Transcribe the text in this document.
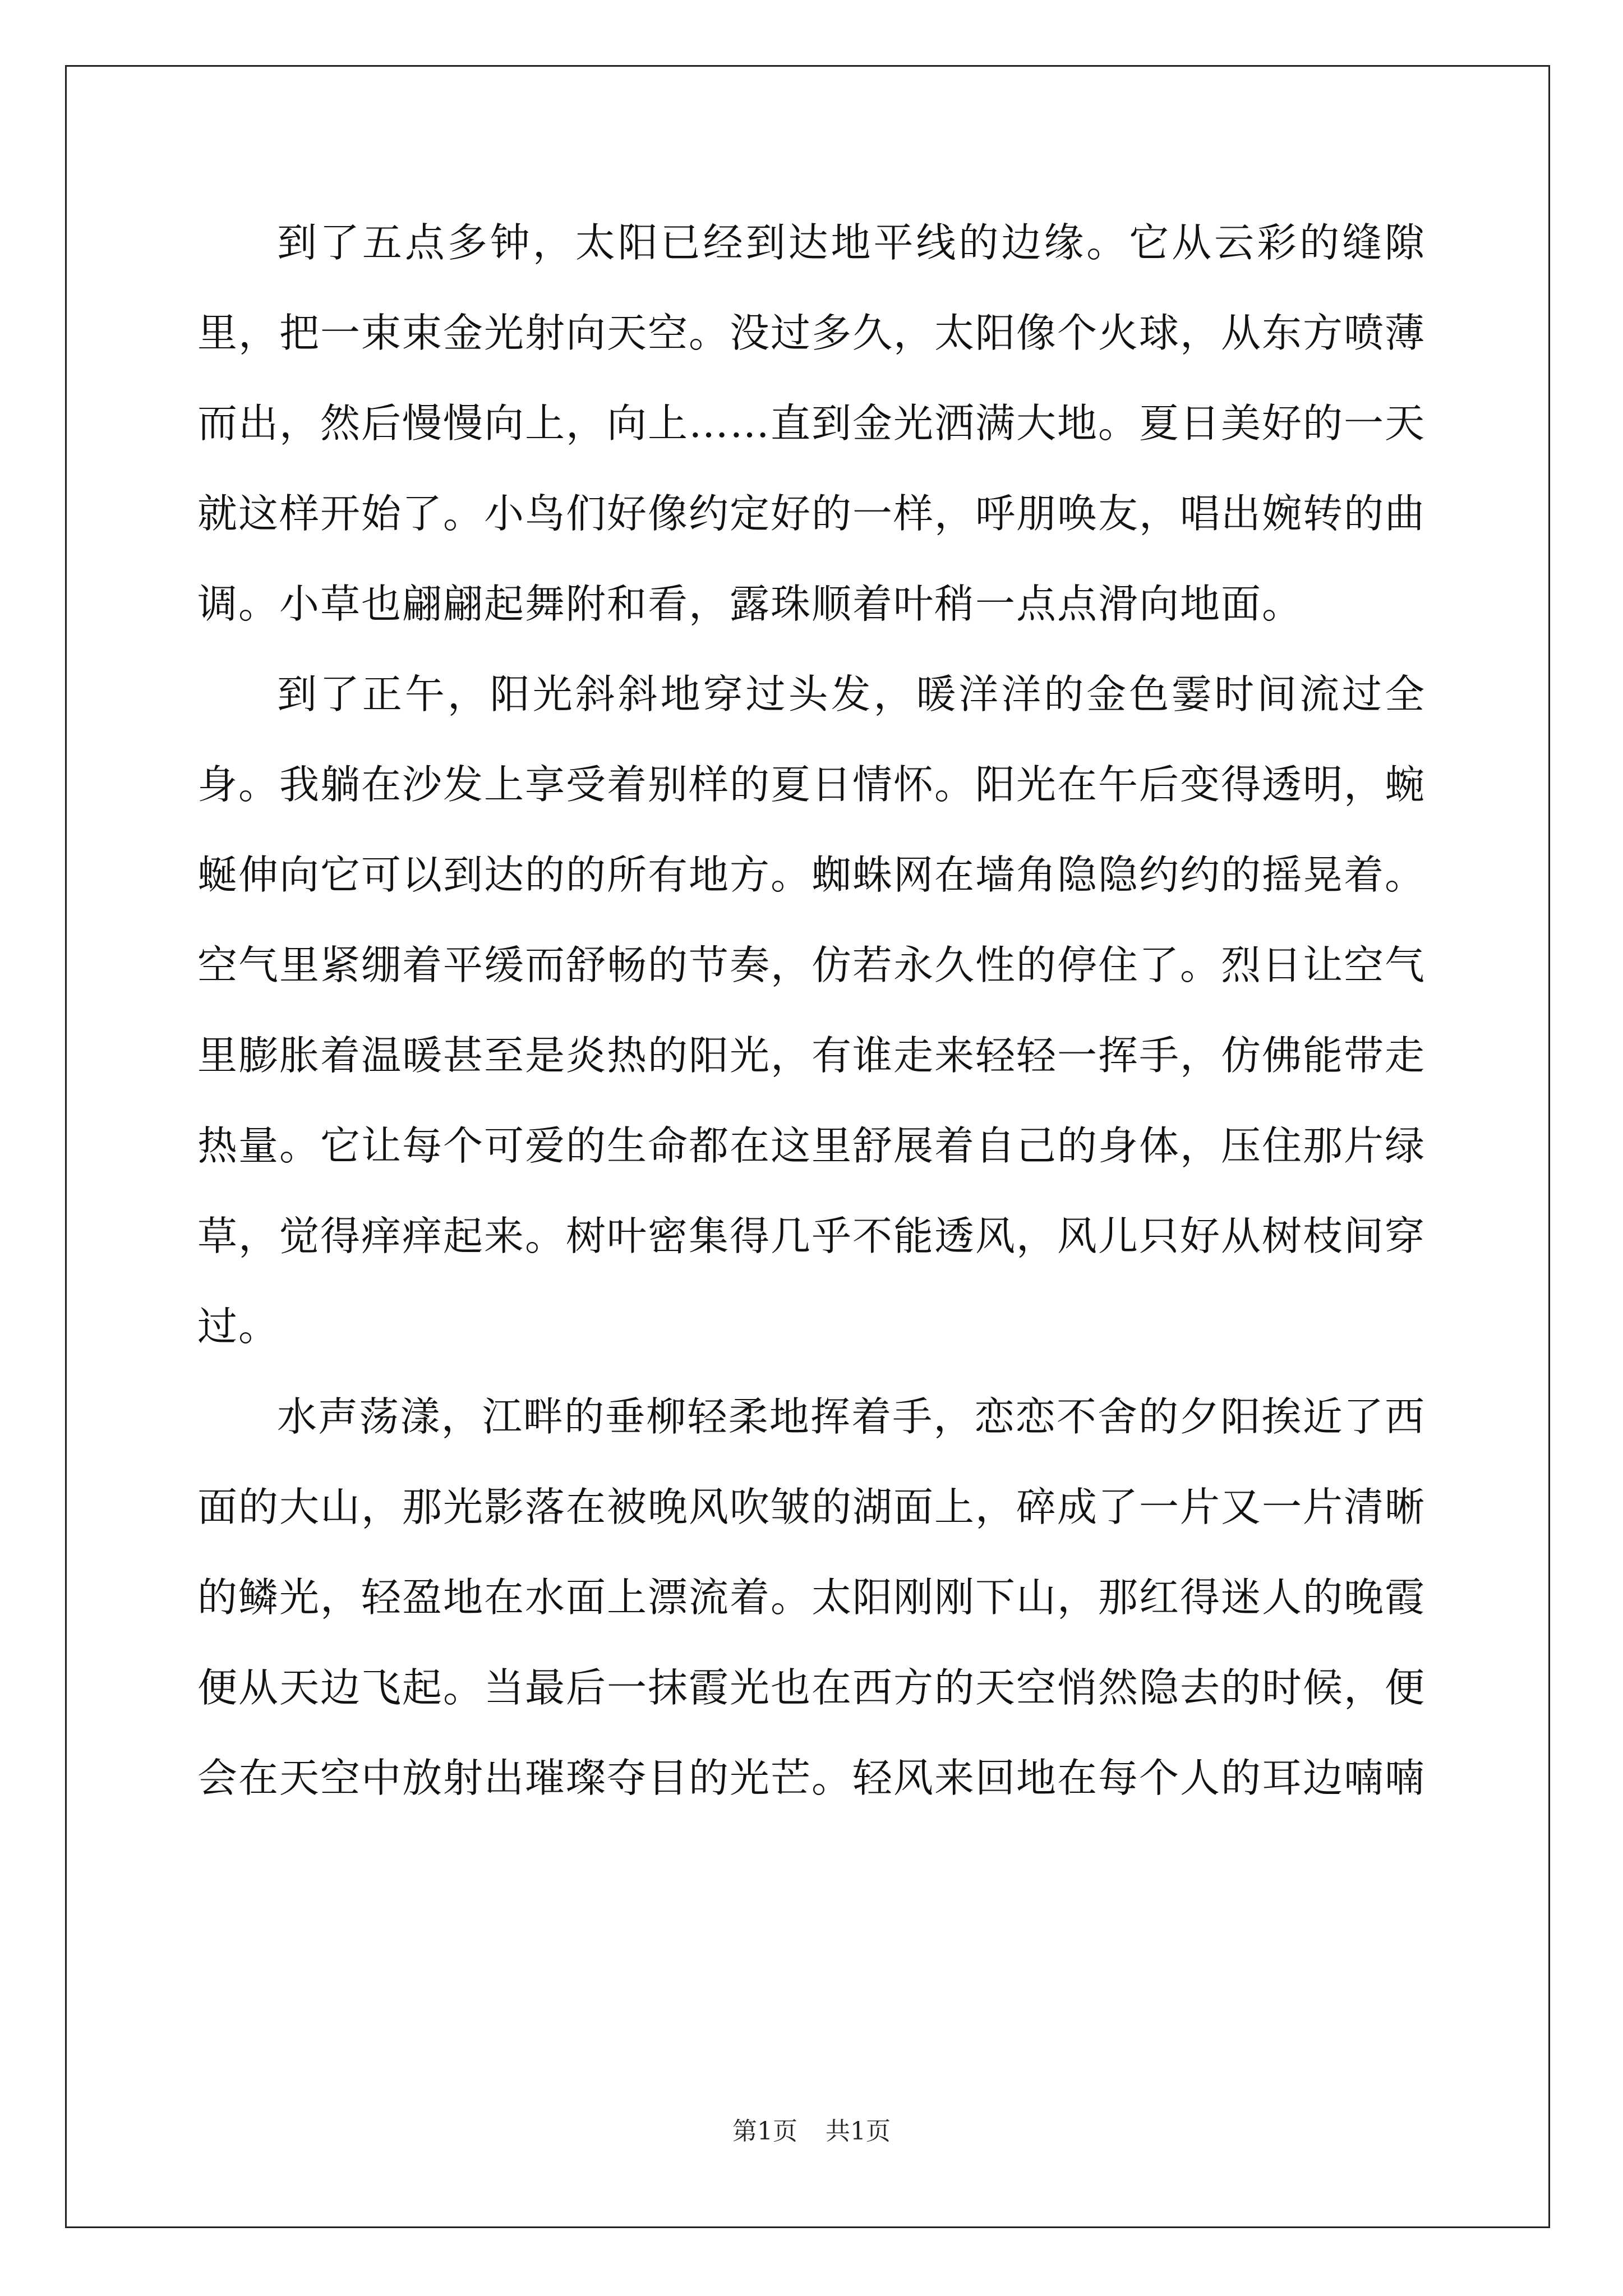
到了五点多钟，太阳已经到达地平线的边缘。它从云彩的缝隙里，把一束束金光射向天空。没过多久，太阳像个火球，从东方喷薄而出，然后慢慢向上，向上……直到金光洒满大地。夏日美好的一天就这样开始了。小鸟们好像约定好的一样，呼朋唤友，唱出婉转的曲调。小草也翩翩起舞附和看，露珠顺着叶稍一点点滑向地面。

到了正午，阳光斜斜地穿过头发，暖洋洋的金色霎时间流过全身。我躺在沙发上享受着别样的夏日情怀。阳光在午后变得透明，蜿蜒伸向它可以到达的的所有地方。蜘蛛网在墙角隐隐约约的摇晃着。空气里紧绷着平缓而舒畅的节奏，仿若永久性的停住了。烈日让空气里膨胀着温暖甚至是炎热的阳光，有谁走来轻轻一挥手，仿佛能带走热量。它让每个可爱的生命都在这里舒展着自己的身体，压住那片绿草，觉得痒痒起来。树叶密集得几乎不能透风，风儿只好从树枝间穿过。

水声荡漾，江畔的垂柳轻柔地挥着手，恋恋不舍的夕阳挨近了西面的大山，那光影落在被晚风吹皱的湖面上，碎成了一片又一片清晰的鳞光，轻盈地在水面上漂流着。太阳刚刚下山，那红得迷人的晚霞便从天边飞起。当最后一抹霞光也在西方的天空悄然隐去的时候，便会在天空中放射出璀璨夺目的光芒。轻风来回地在每个人的耳边喃喃

第1页 共1页
